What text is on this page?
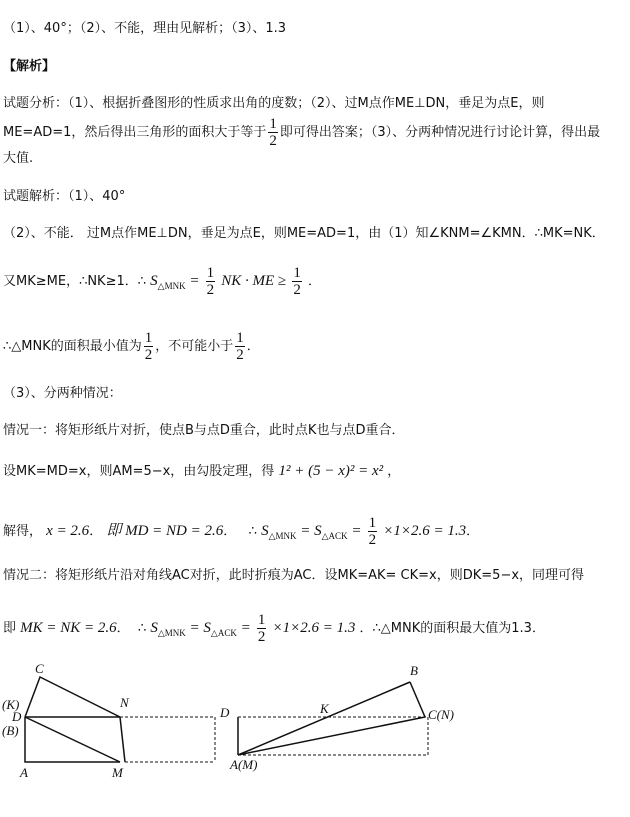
（1）、40°；（2）、不能，理由见解析；（3）、1.3
【解析】
试题分析：（1）、根据折叠图形的性质求出角的度数；（2）、过M点作ME⊥DN，垂足为点E，则
ME=AD=1，然后得出三角形的面积大于等于 $\frac{1}{2}$ 即可得出答案；（3）、分两种情况进行讨论计算，得出最
大值.
试题解析：（1）、40°
（2）、不能． 过M点作ME⊥DN，垂足为点E，则ME=AD=1，由（1）知∠KNM=∠KMN．∴MK=NK．
又MK≥ME，∴NK≥1．∴ $S_{\triangle MNK} = \frac{1}{2}$ NK · ME ≥ $\frac{1}{2}$ ．
∴△MNK的面积最小值为 $\frac{1}{2}$ ，不可能小于 $\frac{1}{2}$ ．
（3）、分两种情况：
情况一：将矩形纸片对折，使点B与点D重合，此时点K也与点D重合．
设MK=MD=x，则AM=5−x，由勾股定理，得 1² + (5 − x)² = x² ，
解得， x = 2.6． 即 MD = ND = 2.6．   ∴ $S_{\triangle MNK} = S_{\triangle ACK} = \frac{1}{2} \times 1\times 2.6 = 1.3$．
情况二：将矩形纸片沿对角线AC对折，此时折痕为AC．设MK=AK= CK=x，则DK=5−x，同理可得
即 MK = NK = 2.6．  ∴ $S_{\triangle MNK} = S_{\triangle ACK} = \frac{1}{2} \times 1\times 2.6 = 1.3$ ．∴△MNK的面积最大值为1.3．
C
(K)
D
(B)
N
A	M
D
B
K	C(N)
A(M)
